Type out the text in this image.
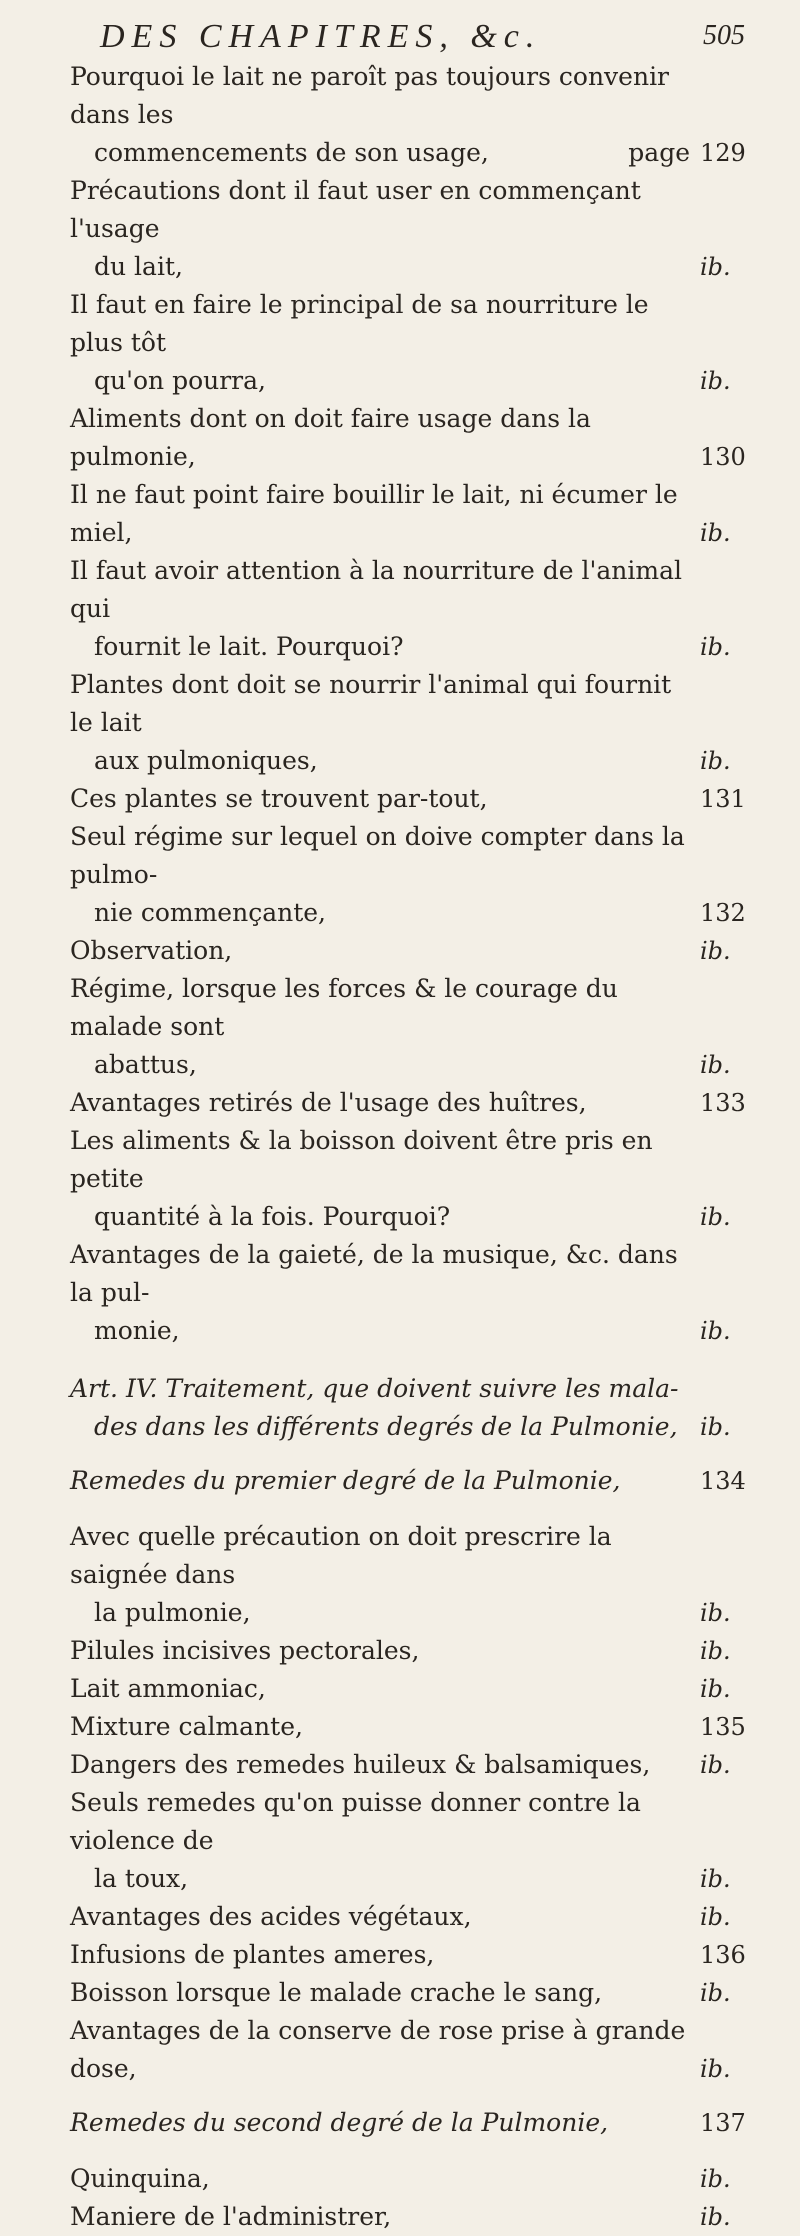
DES CHAPITRES, &c.	505
Pourquoi le lait ne paroît pas toujours convenir dans les
commencements de son usage,	page 129
Précautions dont il faut user en commençant l'usage
du lait,	ib.
Il faut en faire le principal de sa nourriture le plus tôt
qu'on pourra,	ib.
Aliments dont on doit faire usage dans la pulmonie,	130
Il ne faut point faire bouillir le lait, ni écumer le miel,	ib.
Il faut avoir attention à la nourriture de l'animal qui
fournit le lait. Pourquoi?	ib.
Plantes dont doit se nourrir l'animal qui fournit le lait
aux pulmoniques,	ib.
Ces plantes se trouvent par-tout,	131
Seul régime sur lequel on doive compter dans la pulmo-
nie commençante,	132
Observation,	ib.
Régime, lorsque les forces & le courage du malade sont
abattus,	ib.
Avantages retirés de l'usage des huîtres,	133
Les aliments & la boisson doivent être pris en petite
quantité à la fois. Pourquoi?	ib.
Avantages de la gaieté, de la musique, &c. dans la pul-
monie,	ib.
Art. IV. Traitement, que doivent suivre les mala-
des dans les différents degrés de la Pulmonie, ib.
Remedes du premier degré de la Pulmonie,	134
Avec quelle précaution on doit prescrire la saignée dans
la pulmonie,	ib.
Pilules incisives pectorales,	ib.
Lait ammoniac,	ib.
Mixture calmante,	135
Dangers des remedes huileux & balsamiques,	ib.
Seuls remedes qu'on puisse donner contre la violence de
la toux,	ib.
Avantages des acides végétaux,	ib.
Infusions de plantes ameres,	136
Boisson lorsque le malade crache le sang,	ib.
Avantages de la conserve de rose prise à grande dose,	ib.
Remedes du second degré de la Pulmonie,	137
Quinquina,	ib.
Maniere de l'administrer,	ib.
